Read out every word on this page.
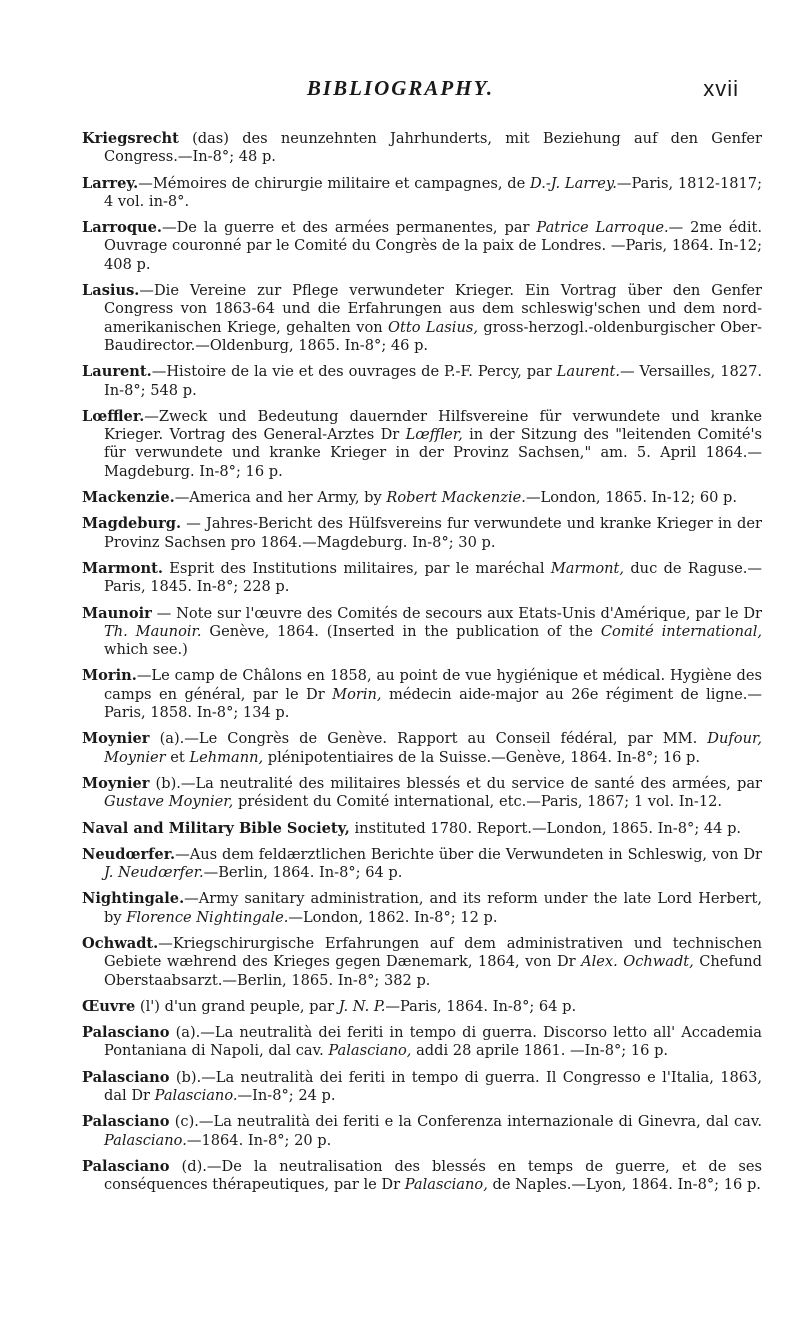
BIBLIOGRAPHY.	xvii

Kriegsrecht (das) des neunzehnten Jahrhunderts, mit Beziehung auf den Genfer Congress.—In-8°; 48 p.

Larrey.—Mémoires de chirurgie militaire et campagnes, de D.-J. Larrey.—Paris, 1812-1817; 4 vol. in-8°.

Larroque.—De la guerre et des armées permanentes, par Patrice Larroque.— 2me édit. Ouvrage couronné par le Comité du Congrès de la paix de Londres. —Paris, 1864. In-12; 408 p.

Lasius.—Die Vereine zur Pflege verwundeter Krieger. Ein Vortrag über den Genfer Congress von 1863-64 und die Erfahrungen aus dem schleswig'schen und dem nord-amerikanischen Kriege, gehalten von Otto Lasius, gross-herzogl.-oldenburgischer Ober-Baudirector.—Oldenburg, 1865. In-8°; 46 p.

Laurent.—Histoire de la vie et des ouvrages de P.-F. Percy, par Laurent.— Versailles, 1827. In-8°; 548 p.

Lœffler.—Zweck und Bedeutung dauernder Hilfsvereine für verwundete und kranke Krieger. Vortrag des General-Arztes Dr Lœffler, in der Sitzung des "leitenden Comité's für verwundete und kranke Krieger in der Provinz Sachsen," am. 5. April 1864.—Magdeburg. In-8°; 16 p.

Mackenzie.—America and her Army, by Robert Mackenzie.—London, 1865. In-12; 60 p.

Magdeburg. — Jahres-Bericht des Hülfsvereins fur verwundete und kranke Krieger in der Provinz Sachsen pro 1864.—Magdeburg. In-8°; 30 p.

Marmont. Esprit des Institutions militaires, par le maréchal Marmont, duc de Raguse.—Paris, 1845. In-8°; 228 p.

Maunoir — Note sur l'œuvre des Comités de secours aux Etats-Unis d'Amérique, par le Dr Th. Maunoir. Genève, 1864. (Inserted in the publication of the Comité international, which see.)

Morin.—Le camp de Châlons en 1858, au point de vue hygiénique et médical. Hygiène des camps en général, par le Dr Morin, médecin aide-major au 26e régiment de ligne.—Paris, 1858. In-8°; 134 p.

Moynier (a).—Le Congrès de Genève. Rapport au Conseil fédéral, par MM. Dufour, Moynier et Lehmann, plénipotentiaires de la Suisse.—Genève, 1864. In-8°; 16 p.

Moynier (b).—La neutralité des militaires blessés et du service de santé des armées, par Gustave Moynier, président du Comité international, etc.—Paris, 1867; 1 vol. In-12.

Naval and Military Bible Society, instituted 1780. Report.—London, 1865. In-8°; 44 p.

Neudœrfer.—Aus dem feldærztlichen Berichte über die Verwundeten in Schleswig, von Dr J. Neudœrfer.—Berlin, 1864. In-8°; 64 p.

Nightingale.—Army sanitary administration, and its reform under the late Lord Herbert, by Florence Nightingale.—London, 1862. In-8°; 12 p.

Ochwadt.—Kriegschirurgische Erfahrungen auf dem administrativen und technischen Gebiete wæhrend des Krieges gegen Dænemark, 1864, von Dr Alex. Ochwadt, Chefund Oberstaabsarzt.—Berlin, 1865. In-8°; 382 p.

Œuvre (l') d'un grand peuple, par J. N. P.—Paris, 1864. In-8°; 64 p.

Palasciano (a).—La neutralità dei feriti in tempo di guerra. Discorso letto all' Accademia Pontaniana di Napoli, dal cav. Palasciano, addi 28 aprile 1861. —In-8°; 16 p.

Palasciano (b).—La neutralità dei feriti in tempo di guerra. Il Congresso e l'Italia, 1863, dal Dr Palasciano.—In-8°; 24 p.

Palasciano (c).—La neutralità dei feriti e la Conferenza internazionale di Ginevra, dal cav. Palasciano.—1864. In-8°; 20 p.

Palasciano (d).—De la neutralisation des blessés en temps de guerre, et de ses conséquences thérapeutiques, par le Dr Palasciano, de Naples.—Lyon, 1864. In-8°; 16 p.
